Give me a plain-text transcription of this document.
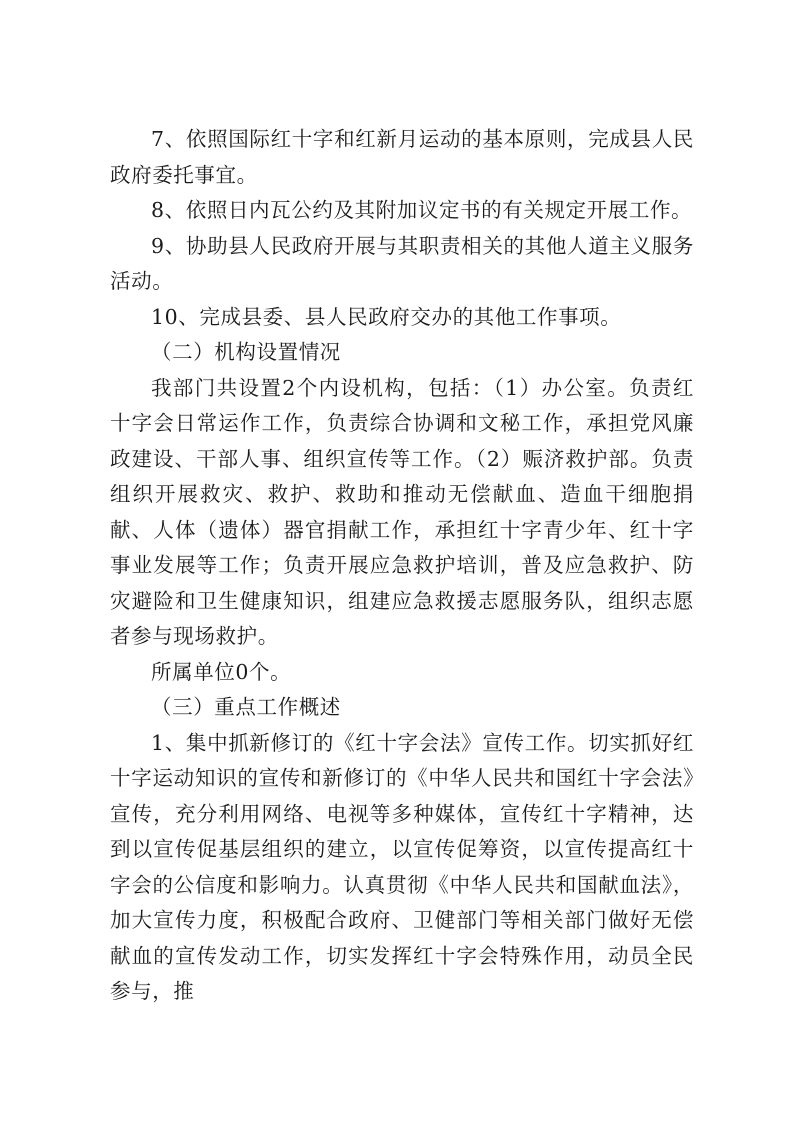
7、依照国际红十字和红新月运动的基本原则，完成县人民政府委托事宜。

8、依照日内瓦公约及其附加议定书的有关规定开展工作。

9、协助县人民政府开展与其职责相关的其他人道主义服务活动。

10、完成县委、县人民政府交办的其他工作事项。

（二）机构设置情况

我部门共设置2个内设机构，包括：（1）办公室。负责红十字会日常运作工作，负责综合协调和文秘工作，承担党风廉政建设、干部人事、组织宣传等工作。（2）赈济救护部。负责组织开展救灾、救护、救助和推动无偿献血、造血干细胞捐献、人体（遗体）器官捐献工作，承担红十字青少年、红十字事业发展等工作；负责开展应急救护培训，普及应急救护、防灾避险和卫生健康知识，组建应急救援志愿服务队，组织志愿者参与现场救护。

所属单位0个。

（三）重点工作概述

1、集中抓新修订的《红十字会法》宣传工作。切实抓好红十字运动知识的宣传和新修订的《中华人民共和国红十字会法》宣传，充分利用网络、电视等多种媒体，宣传红十字精神，达到以宣传促基层组织的建立，以宣传促筹资，以宣传提高红十字会的公信度和影响力。认真贯彻《中华人民共和国献血法》，加大宣传力度，积极配合政府、卫健部门等相关部门做好无偿献血的宣传发动工作，切实发挥红十字会特殊作用，动员全民参与，推
